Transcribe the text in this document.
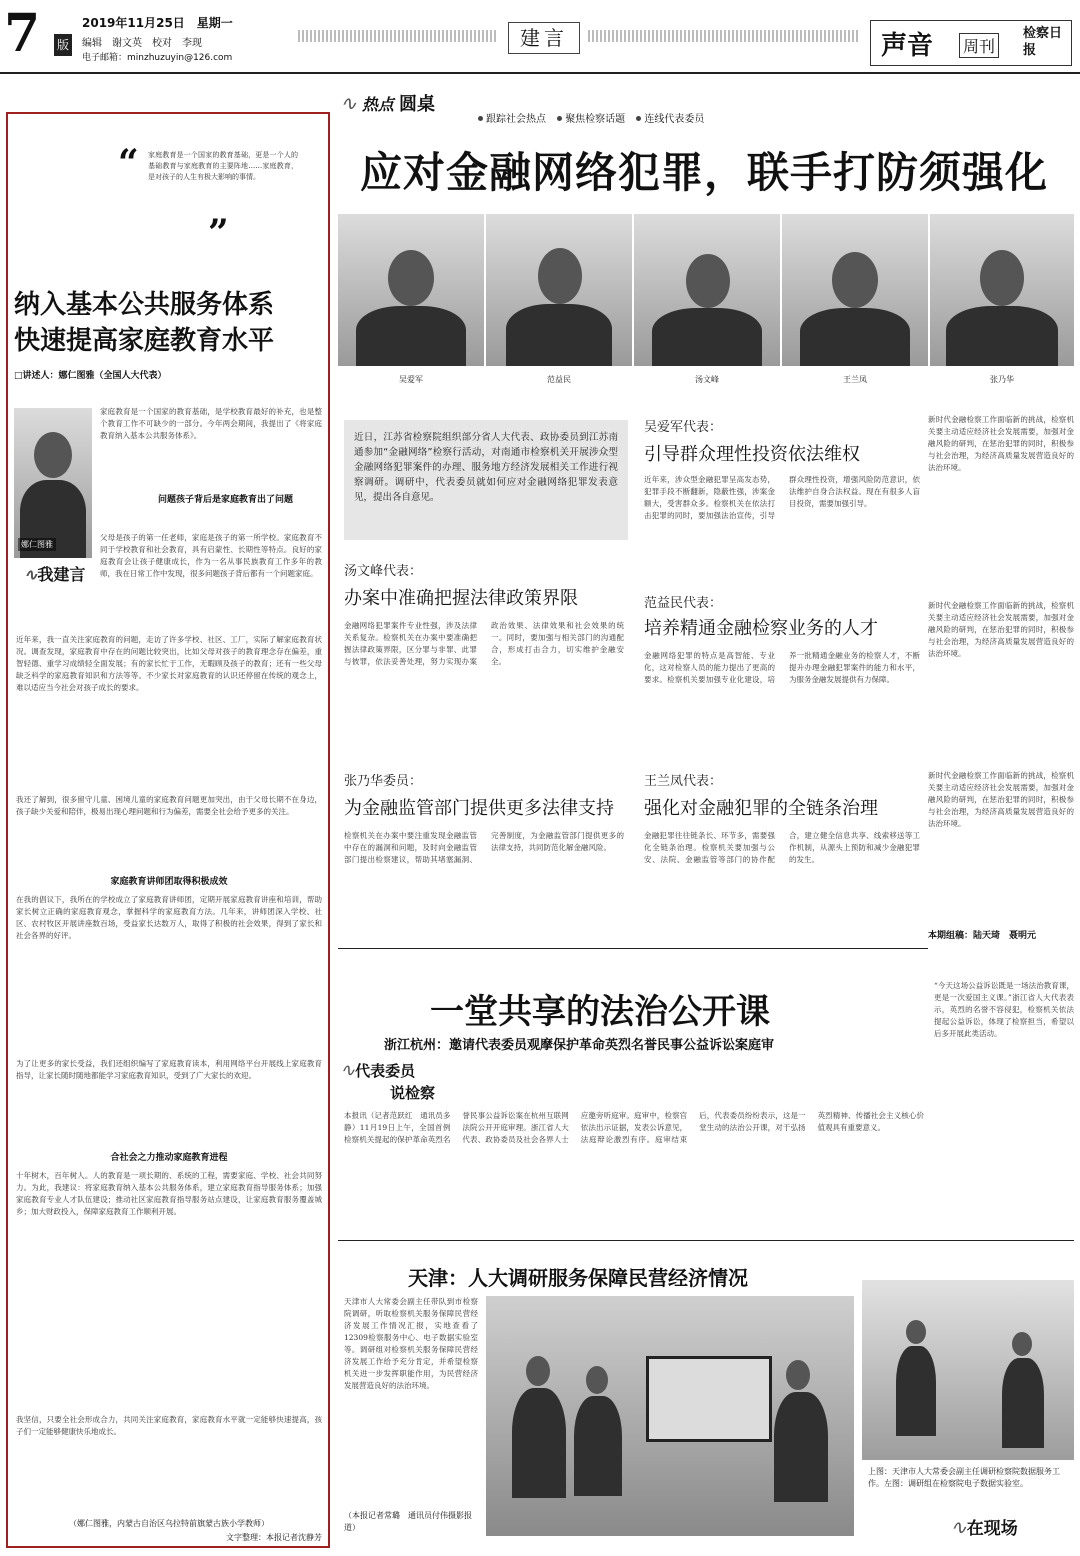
7 版
2019年11月25日　星期一
编辑　谢文英　校对　李现
电子邮箱：minzhuzuyin@126.com
建言	声音 周刊
检察日报
“ 家庭教育是一个国家的教育基础，更是一个人的基础教育与家庭教育的主要阵地……家庭教育，是对孩子的人生有极大影响的事情。
”
纳入基本公共服务体系
快速提高家庭教育水平
□讲述人：娜仁图雅（全国人大代表）
娜仁图雅
∿我建言
家庭教育是一个国家的教育基础，是学校教育最好的补充，也是整个教育工作不可缺少的一部分。今年两会期间，我提出了《将家庭教育纳入基本公共服务体系》。
问题孩子背后是家庭教育出了问题
父母是孩子的第一任老师，家庭是孩子的第一所学校。家庭教育不同于学校教育和社会教育，具有启蒙性、长期性等特点。良好的家庭教育会让孩子健康成长，作为一名从事民族教育工作多年的教师，我在日常工作中发现，很多问题孩子背后都有一个问题家庭。
近年来，我一直关注家庭教育的问题，走访了许多学校、社区、工厂，实际了解家庭教育状况。调查发现，家庭教育中存在的问题比较突出，比如父母对孩子的教育理念存在偏差，重智轻德、重学习成绩轻全面发展；有的家长忙于工作，无暇顾及孩子的教育；还有一些父母缺乏科学的家庭教育知识和方法等等。不少家长对家庭教育的认识还停留在传统的观念上，难以适应当今社会对孩子成长的要求。
我还了解到，很多留守儿童、困境儿童的家庭教育问题更加突出，由于父母长期不在身边，孩子缺少关爱和陪伴，极易出现心理问题和行为偏差，需要全社会给予更多的关注。
家庭教育讲师团取得积极成效
在我的倡议下，我所在的学校成立了家庭教育讲师团，定期开展家庭教育讲座和培训，帮助家长树立正确的家庭教育观念，掌握科学的家庭教育方法。几年来，讲师团深入学校、社区、农村牧区开展讲座数百场，受益家长达数万人，取得了积极的社会效果，得到了家长和社会各界的好评。
为了让更多的家长受益，我们还组织编写了家庭教育读本，利用网络平台开展线上家庭教育指导，让家长随时随地都能学习家庭教育知识，受到了广大家长的欢迎。
合社会之力推动家庭教育进程
十年树木，百年树人。人的教育是一项长期的、系统的工程，需要家庭、学校、社会共同努力。为此，我建议：将家庭教育纳入基本公共服务体系，建立家庭教育指导服务体系；加强家庭教育专业人才队伍建设；推动社区家庭教育指导服务站点建设，让家庭教育服务覆盖城乡；加大财政投入，保障家庭教育工作顺利开展。
我坚信，只要全社会形成合力，共同关注家庭教育，家庭教育水平就一定能够快速提高，孩子们一定能够健康快乐地成长。
（娜仁图雅，内蒙古自治区乌拉特前旗蒙古族小学教师）
文字整理：本报记者沈静芳
∿ 热点 圆桌
跟踪社会热点 聚焦检察话题 连线代表委员
应对金融网络犯罪，联手打防须强化
吴爱军	范益民	汤文峰	王兰凤	张乃华
近日，江苏省检察院组织部分省人大代表、政协委员到江苏南通参加“金融网络”检察行活动，对南通市检察机关开展涉众型金融网络犯罪案件的办理、服务地方经济发展相关工作进行视察调研。调研中，代表委员就如何应对金融网络犯罪发表意见，提出各自意见。
吴爱军代表：
引导群众理性投资依法维权
近年来，涉众型金融犯罪呈高发态势，犯罪手段不断翻新，隐蔽性强，涉案金额大，受害群众多。检察机关在依法打击犯罪的同时，要加强法治宣传，引导群众理性投资，增强风险防范意识，依法维护自身合法权益。现在有很多人盲目投资，需要加强引导。
新时代金融检察工作面临新的挑战，检察机关要主动适应经济社会发展需要，加强对金融风险的研判，在惩治犯罪的同时，积极参与社会治理，为经济高质量发展营造良好的法治环境。
汤文峰代表：
办案中准确把握法律政策界限
金融网络犯罪案件专业性强，涉及法律关系复杂。检察机关在办案中要准确把握法律政策界限，区分罪与非罪、此罪与彼罪，依法妥善处理，努力实现办案政治效果、法律效果和社会效果的统一。同时，要加强与相关部门的沟通配合，形成打击合力，切实维护金融安全。
范益民代表：
培养精通金融检察业务的人才
金融网络犯罪的特点是高智能、专业化，这对检察人员的能力提出了更高的要求。检察机关要加强专业化建设，培养一批精通金融业务的检察人才，不断提升办理金融犯罪案件的能力和水平，为服务金融发展提供有力保障。
新时代金融检察工作面临新的挑战，检察机关要主动适应经济社会发展需要，加强对金融风险的研判，在惩治犯罪的同时，积极参与社会治理，为经济高质量发展营造良好的法治环境。
张乃华委员：
为金融监管部门提供更多法律支持
检察机关在办案中要注重发现金融监管中存在的漏洞和问题，及时向金融监管部门提出检察建议，帮助其堵塞漏洞、完善制度，为金融监管部门提供更多的法律支持，共同防范化解金融风险。
王兰凤代表：
强化对金融犯罪的全链条治理
金融犯罪往往链条长、环节多，需要强化全链条治理。检察机关要加强与公安、法院、金融监管等部门的协作配合，建立健全信息共享、线索移送等工作机制，从源头上预防和减少金融犯罪的发生。
新时代金融检察工作面临新的挑战，检察机关要主动适应经济社会发展需要，加强对金融风险的研判，在惩治犯罪的同时，积极参与社会治理，为经济高质量发展营造良好的法治环境。
本期组稿：陆天琦　聂明元
一堂共享的法治公开课
浙江杭州：邀请代表委员观摩保护革命英烈名誉民事公益诉讼案庭审
∿代表委员
说检察
本报讯（记者范跃红　通讯员多静）11月19日上午，全国首例检察机关提起的保护革命英烈名誉民事公益诉讼案在杭州互联网法院公开开庭审理。浙江省人大代表、政协委员及社会各界人士应邀旁听庭审。庭审中，检察官依法出示证据，发表公诉意见，法庭辩论激烈有序。庭审结束后，代表委员纷纷表示，这是一堂生动的法治公开课，对于弘扬英烈精神、传播社会主义核心价值观具有重要意义。
“今天这场公益诉讼既是一场法治教育课，更是一次爱国主义课。”浙江省人大代表表示，英烈的名誉不容侵犯，检察机关依法提起公益诉讼，体现了检察担当，希望以后多开展此类活动。
天津：人大调研服务保障民营经济情况
天津市人大常委会副主任带队到市检察院调研，听取检察机关服务保障民营经济发展工作情况汇报，实地查看了12309检察服务中心、电子数据实验室等。调研组对检察机关服务保障民营经济发展工作给予充分肯定，并希望检察机关进一步发挥职能作用，为民营经济发展营造良好的法治环境。
（本报记者常璐　通讯员付伟摄影报道）
上图：天津市人大常委会副主任调研检察院数据服务工作。左图：调研组在检察院电子数据实验室。
∿在现场
